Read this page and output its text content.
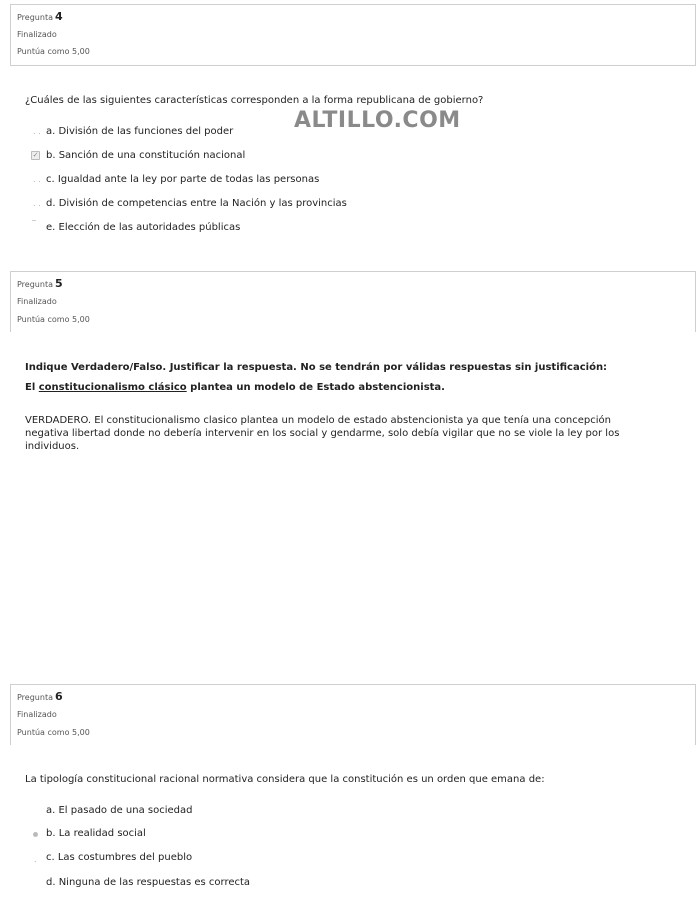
Pregunta 4
Finalizado
Puntúa como 5,00
¿Cuáles de las siguientes características corresponden a la forma republicana de gobierno?
ALTILLO.COM
. . a. División de las funciones del poder
✓ b. Sanción de una constitución nacional
. . c. Igualdad ante la ley por parte de todas las personas
. . d. División de competencias entre la Nación y las provincias
‾ e. Elección de las autoridades públicas
Pregunta 5
Finalizado
Puntúa como 5,00
Indique Verdadero/Falso. Justificar la respuesta. No se tendrán por válidas respuestas sin justificación:
El constitucionalismo clásico plantea un modelo de Estado abstencionista.
VERDADERO. El constitucionalismo clasico plantea un modelo de estado abstencionista ya que tenía una concepción negativa libertad donde no debería intervenir en los social y gendarme, solo debía vigilar que no se viole la ley por los individuos.
Pregunta 6
Finalizado
Puntúa como 5,00
La tipología constitucional racional normativa considera que la constitución es un orden que emana de:
a. El pasado de una sociedad
b. La realidad social
. c. Las costumbres del pueblo
d. Ninguna de las respuestas es correcta
